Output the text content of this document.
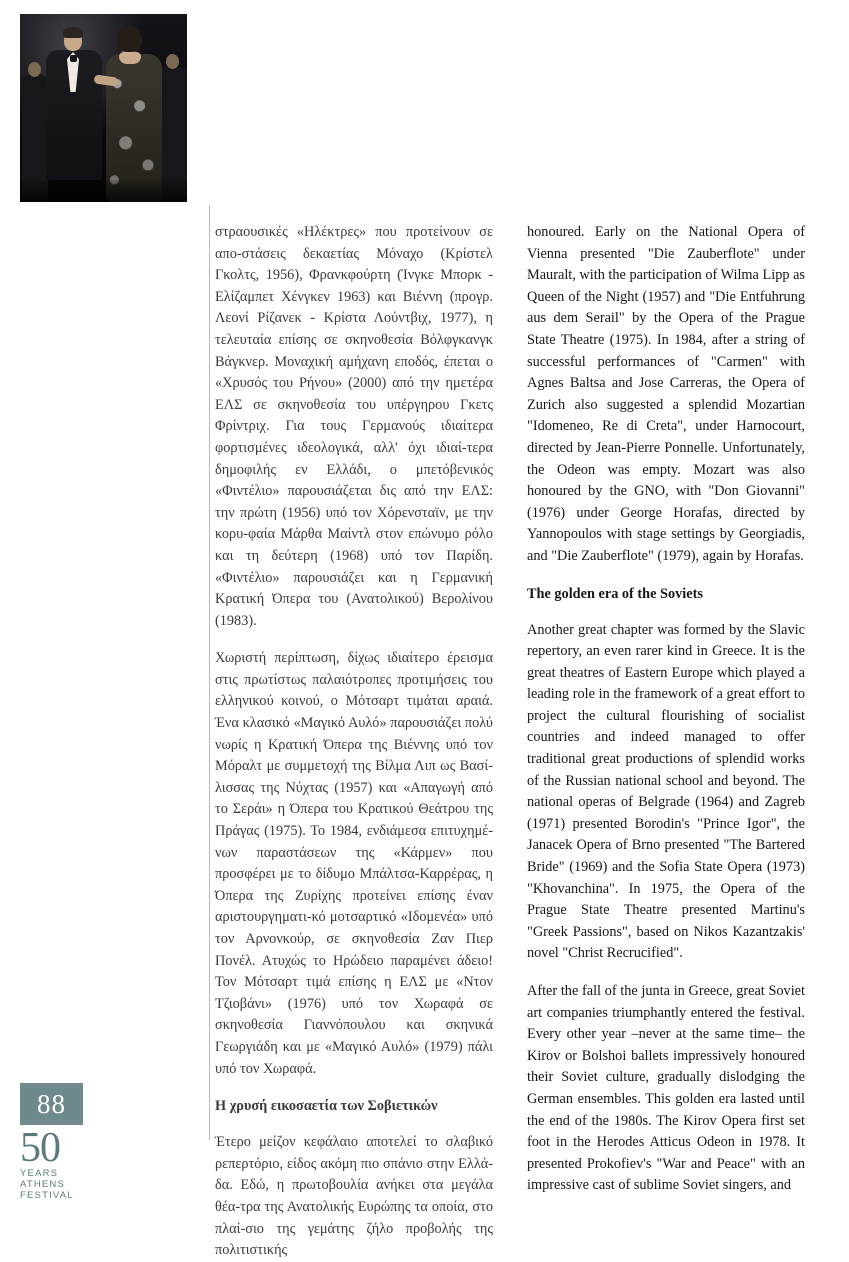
στραουσικές «Ηλέκτρες» που προτείνουν σε απο-στάσεις δεκαετίας Μόναχο (Κρίστελ Γκολτς, 1956), Φρανκφούρτη (Ίνγκε Μπορκ - Ελίζαμπετ Χένγκεν 1963) και Βιέννη (προγρ. Λεονί Ρίζανεκ - Κρίστα Λούντβιχ, 1977), η τελευταία επίσης σε σκηνοθεσία Βόλφγκανγκ Βάγκνερ. Μοναχική αμήχανη εποδός, έπεται ο «Χρυσός του Ρήνου» (2000) από την ημετέρα ΕΛΣ σε σκηνοθεσία του υπέργηρου Γκετς Φρίντριχ. Για τους Γερμανούς ιδιαίτερα φορτισμένες ιδεολογικά, αλλ' όχι ιδιαί-τερα δημοφιλής εν Ελλάδι, ο μπετόβενικός «Φιντέλιο» παρουσιάζεται δις από την ΕΛΣ: την πρώτη (1956) υπό τον Χόρενσταϊν, με την κορυ-φαία Μάρθα Μαίντλ στον επώνυμο ρόλο και τη δεύτερη (1968) υπό τον Παρίδη. «Φιντέλιο» παρουσιάζει και η Γερμανική Κρατική Όπερα του (Ανατολικού) Βερολίνου (1983).

Χωριστή περίπτωση, δίχως ιδιαίτερο έρεισμα στις πρωτίστως παλαιότροπες προτιμήσεις του ελληνικού κοινού, ο Μότσαρτ τιμάται αραιά. Ένα κλασικό «Μαγικό Αυλό» παρουσιάζει πολύ νωρίς η Κρατική Όπερα της Βιέννης υπό τον Μόραλτ με συμμετοχή της Βίλμα Λιπ ως Βασί-λισσας της Νύχτας (1957) και «Απαγωγή από το Σεράι» η Όπερα του Κρατικού Θεάτρου της Πράγας (1975). Το 1984, ενδιάμεσα επιτυχημέ-νων παραστάσεων της «Κάρμεν» που προσφέρει με το δίδυμο Μπάλτσα-Καρρέρας, η Όπερα της Ζυρίχης προτείνει επίσης έναν αριστουργηματι-κό μοτσαρτικό «Ιδομενέα» υπό τον Αρνονκούρ, σε σκηνοθεσία Ζαν Πιερ Πονέλ. Ατυχώς το Ηρώδειο παραμένει άδειο! Τον Μότσαρτ τιμά επίσης η ΕΛΣ με «Ντον Τζιοβάνι» (1976) υπό τον Χωραφά σε σκηνοθεσία Γιαννόπουλου και σκηνικά Γεωργιάδη και με «Μαγικό Αυλό» (1979) πάλι υπό τον Χωραφά.

Η χρυσή εικοσαετία των Σοβιετικών

Έτερο μείζον κεφάλαιο αποτελεί το σλαβικό ρεπερτόριο, είδος ακόμη πιο σπάνιο στην Ελλά-δα. Εδώ, η πρωτοβουλία ανήκει στα μεγάλα θέα-τρα της Ανατολικής Ευρώπης τα οποία, στο πλαί-σιο της γεμάτης ζήλο προβολής της πολιτιστικής

honoured. Early on the National Opera of Vienna presented "Die Zauberflote" under Mauralt, with the participation of Wilma Lipp as Queen of the Night (1957) and "Die Entfuhrung aus dem Serail" by the Opera of the Prague State Theatre (1975). In 1984, after a string of successful performances of "Carmen" with Agnes Baltsa and Jose Carreras, the Opera of Zurich also suggested a splendid Mozartian "Idomeneo, Re di Creta", under Harnocourt, directed by Jean-Pierre Ponnelle. Unfortunately, the Odeon was empty. Mozart was also honoured by the GNO, with "Don Giovanni" (1976) under George Horafas, directed by Yannopoulos with stage settings by Georgiadis, and "Die Zauberflote" (1979), again by Horafas.

The golden era of the Soviets

Another great chapter was formed by the Slavic repertory, an even rarer kind in Greece. It is the great theatres of Eastern Europe which played a leading role in the framework of a great effort to project the cultural flourishing of socialist countries and indeed managed to offer traditional great productions of splendid works of the Russian national school and beyond. The national operas of Belgrade (1964) and Zagreb (1971) presented Borodin's "Prince Igor", the Janacek Opera of Brno presented "The Bartered Bride" (1969) and the Sofia State Opera (1973) "Khovanchina". In 1975, the Opera of the Prague State Theatre presented Martinu's "Greek Passions", based on Nikos Kazantzakis' novel "Christ Recrucified".

After the fall of the junta in Greece, great Soviet art companies triumphantly entered the festival. Every other year –never at the same time– the Kirov or Bolshoi ballets impressively honoured their Soviet culture, gradually dislodging the German ensembles. This golden era lasted until the end of the 1980s. The Kirov Opera first set foot in the Herodes Atticus Odeon in 1978. It presented Prokofiev's "War and Peace" with an impressive cast of sublime Soviet singers, and

88
50
YEARS
ATHENS
FESTIVAL
